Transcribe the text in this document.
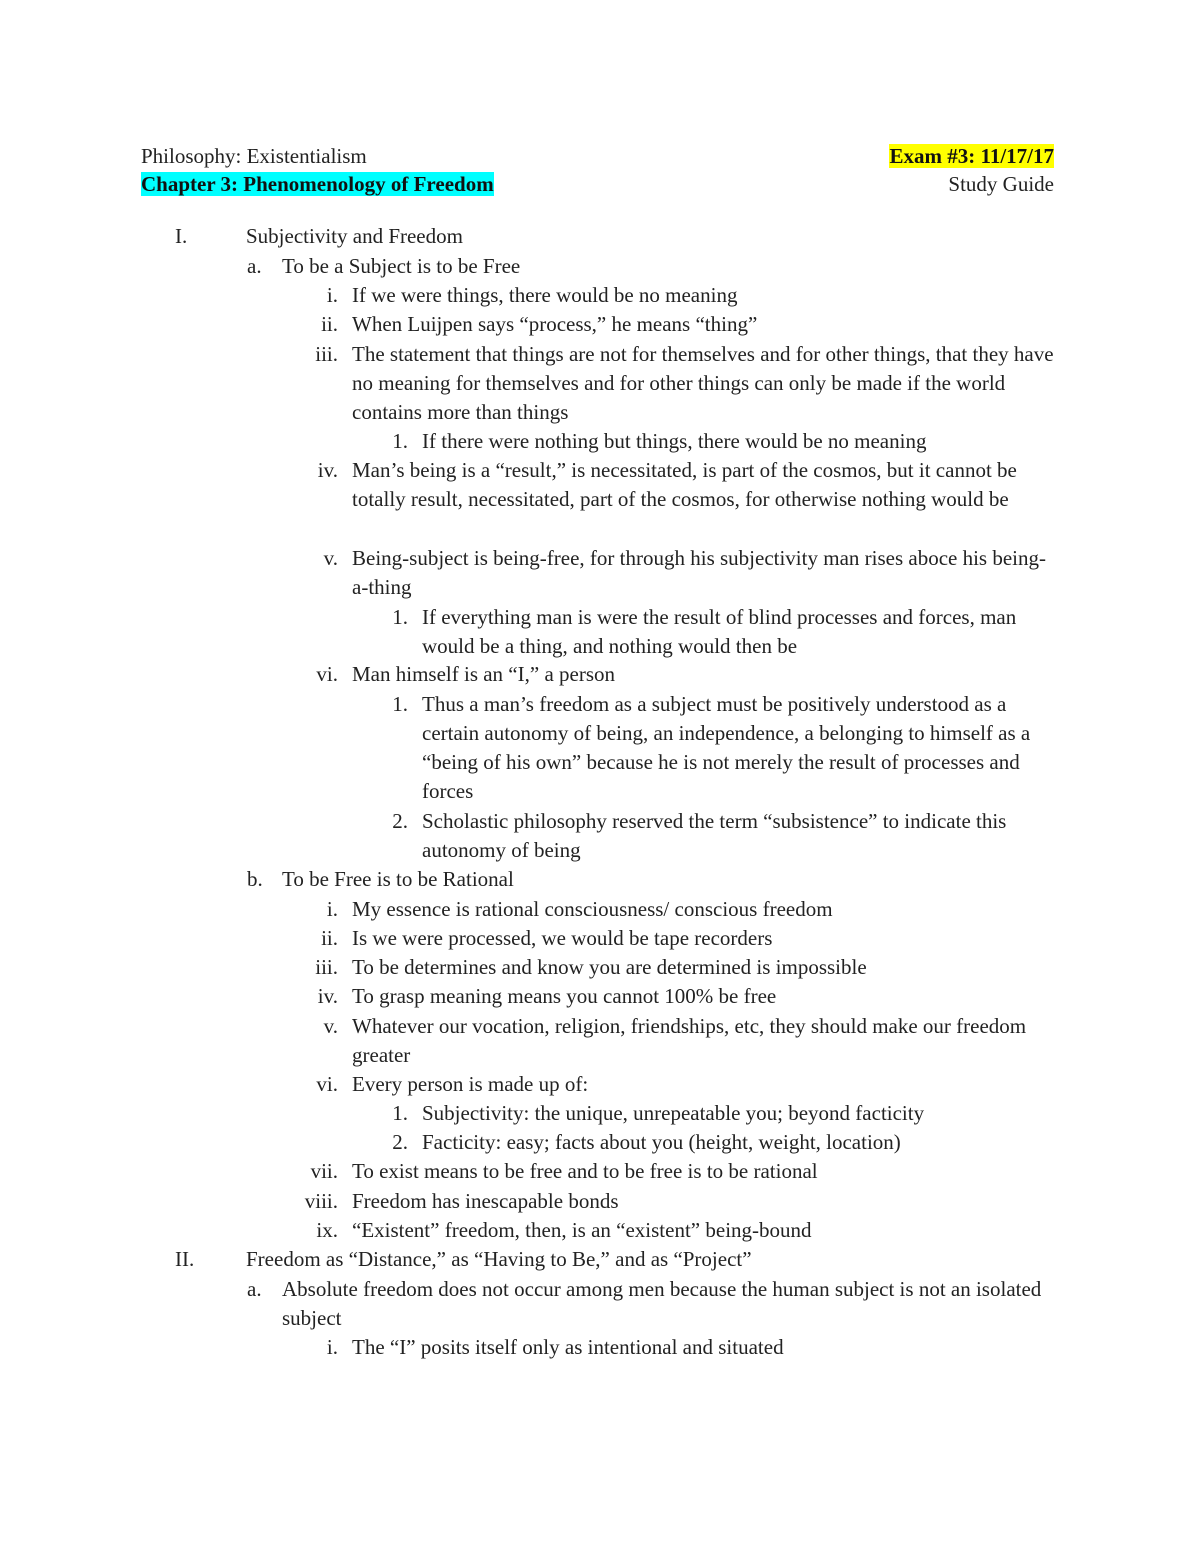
Philosophy: Existentialism	Exam #3: 11/17/17
Chapter 3: Phenomenology of Freedom	Study Guide
I.	Subjectivity and Freedom
a. To be a Subject is to be Free
i. If we were things, there would be no meaning
ii. When Luijpen says “process,” he means “thing”
iii. The statement that things are not for themselves and for other things, that they have no meaning for themselves and for other things can only be made if the world contains more than things
1. If there were nothing but things, there would be no meaning
iv. Man’s being is a “result,” is necessitated, is part of the cosmos, but it cannot be totally result, necessitated, part of the cosmos, for otherwise nothing would be
v. Being-subject is being-free, for through his subjectivity man rises aboce his being-a-thing
1. If everything man is were the result of blind processes and forces, man would be a thing, and nothing would then be
vi. Man himself is an “I,” a person
1. Thus a man’s freedom as a subject must be positively understood as a certain autonomy of being, an independence, a belonging to himself as a “being of his own” because he is not merely the result of processes and forces
2. Scholastic philosophy reserved the term “subsistence” to indicate this autonomy of being
b. To be Free is to be Rational
i. My essence is rational consciousness/ conscious freedom
ii. Is we were processed, we would be tape recorders
iii. To be determines and know you are determined is impossible
iv. To grasp meaning means you cannot 100% be free
v. Whatever our vocation, religion, friendships, etc, they should make our freedom greater
vi. Every person is made up of:
1. Subjectivity: the unique, unrepeatable you; beyond facticity
2. Facticity: easy; facts about you (height, weight, location)
vii. To exist means to be free and to be free is to be rational
viii. Freedom has inescapable bonds
ix. “Existent” freedom, then, is an “existent” being-bound
II. Freedom as “Distance,” as “Having to Be,” and as “Project”
a. Absolute freedom does not occur among men because the human subject is not an isolated subject
i. The “I” posits itself only as intentional and situated
